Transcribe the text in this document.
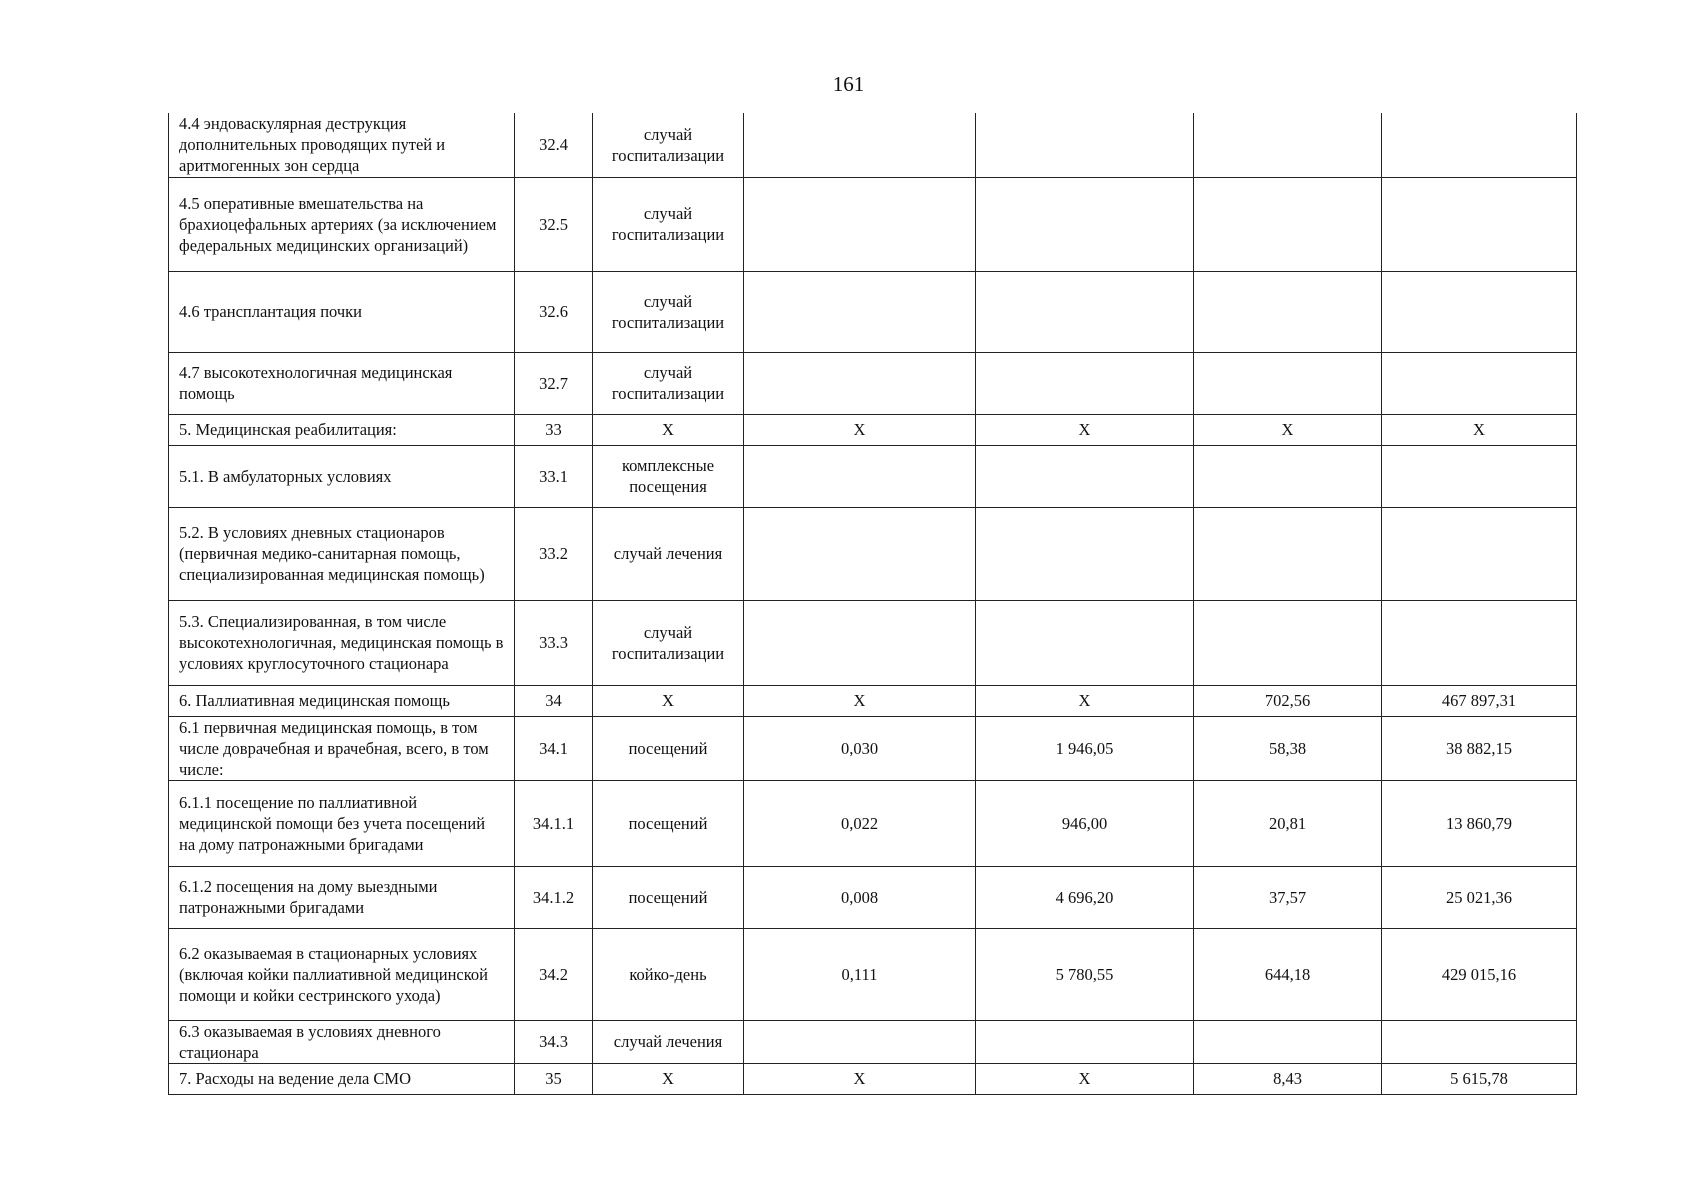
161
4.4 эндоваскулярная деструкция дополнительных проводящих путей и аритмогенных зон сердца	32.4	случай госпитализации				
4.5 оперативные вмешательства на брахиоцефальных артериях (за исключением федеральных медицинских организаций)	32.5	случай госпитализации				
4.6 трансплантация почки	32.6	случай госпитализации				
4.7 высокотехнологичная медицинская помощь	32.7	случай госпитализации				
5. Медицинская реабилитация:	33	Х	Х	Х	Х	Х
5.1. В амбулаторных условиях	33.1	комплексные посещения				
5.2. В условиях дневных стационаров (первичная медико-санитарная помощь, специализированная медицинская помощь)	33.2	случай лечения				
5.3. Специализированная, в том числе высокотехнологичная, медицинская помощь в условиях круглосуточного стационара	33.3	случай госпитализации				
6. Паллиативная медицинская помощь	34	Х	Х	Х	702,56	467 897,31
6.1 первичная медицинская помощь, в том числе доврачебная и врачебная, всего, в том числе:	34.1	посещений	0,030	1 946,05	58,38	38 882,15
6.1.1 посещение по паллиативной медицинской помощи без учета посещений на дому патронажными бригадами	34.1.1	посещений	0,022	946,00	20,81	13 860,79
6.1.2 посещения на дому выездными патронажными бригадами	34.1.2	посещений	0,008	4 696,20	37,57	25 021,36
6.2 оказываемая в стационарных условиях (включая койки паллиативной медицинской помощи и койки сестринского ухода)	34.2	койко-день	0,111	5 780,55	644,18	429 015,16
6.3 оказываемая в условиях дневного стационара	34.3	случай лечения				
7. Расходы на ведение дела СМО	35	Х	Х	Х	8,43	5 615,78
